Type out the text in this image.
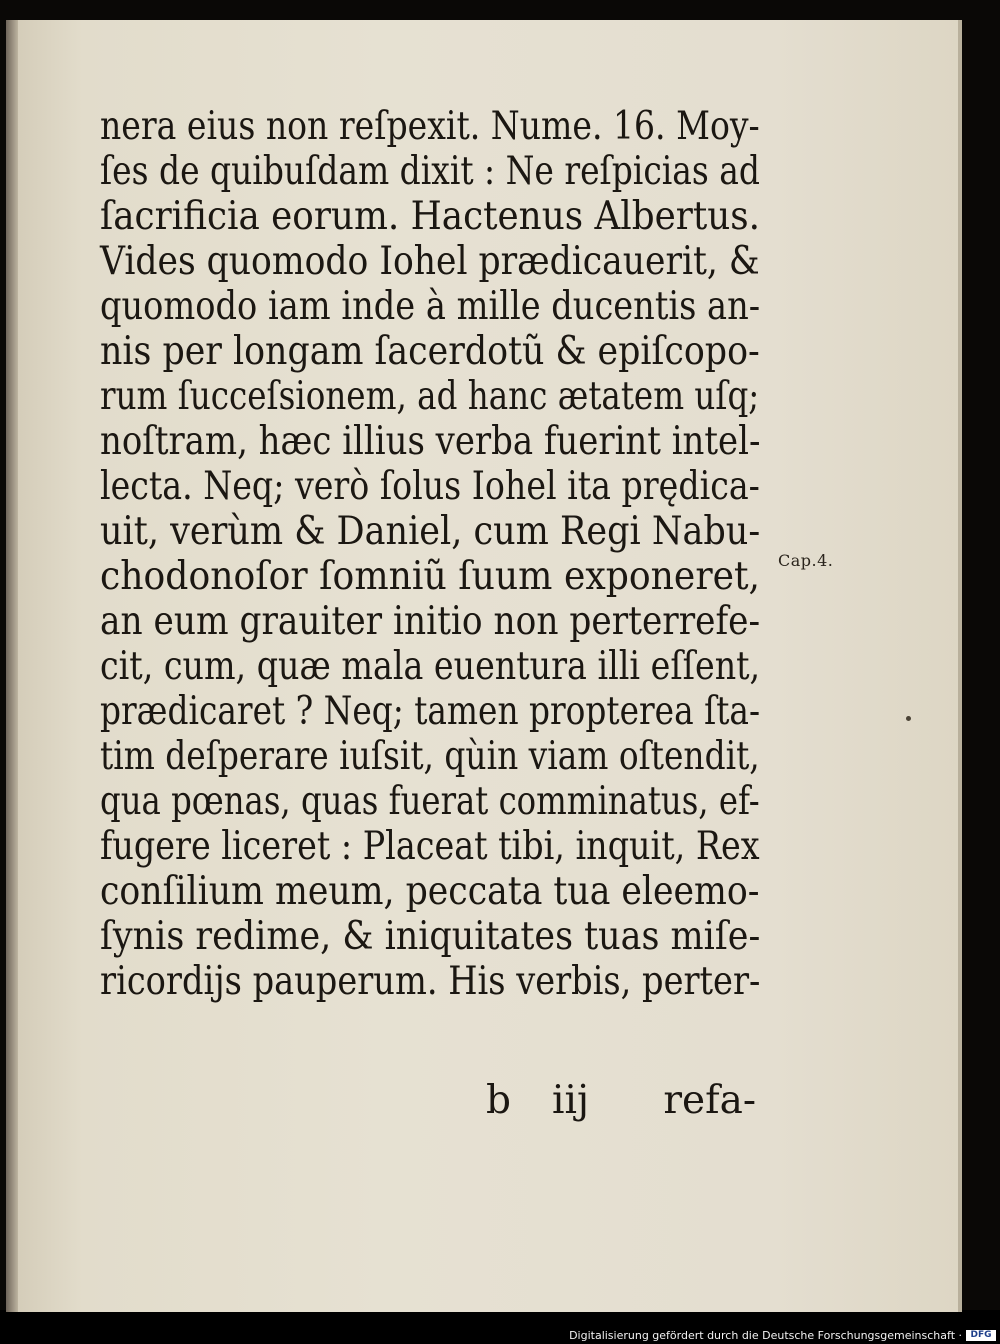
nera eius non reſpexit. Nume. 16. Moy-
ſes de quibuſdam dixit : Ne reſpicias ad
ſacrificia eorum. Hactenus Albertus.
Vides quomodo Iohel prædicauerit, &
quomodo iam inde à mille ducentis an-
nis per longam ſacerdotũ & epiſcopo-
rum ſucceſsionem, ad hanc ætatem uſq;
noſtram, hæc illius verba fuerint intel-
lecta. Neq; verò ſolus Iohel ita prędica-
uit, verùm & Daniel, cum Regi Nabu-
chodonoſor ſomniũ ſuum exponeret,
an eum grauiter initio non perterrefe-
cit, cum, quæ mala euentura illi eſſent,
prædicaret ? Neq; tamen propterea ſta-
tim deſperare iuſsit, qùin viam oſtendit,
qua pœnas, quas fuerat comminatus, ef-
fugere liceret : Placeat tibi, inquit, Rex
conſilium meum, peccata tua eleemo-
ſynis redime, & iniquitates tuas miſe-
ricordijs pauperum. His verbis, perter-
Cap.4.
b iij refa-
Digitalisierung gefördert durch die Deutsche Forschungsgemeinschaft · DFG
